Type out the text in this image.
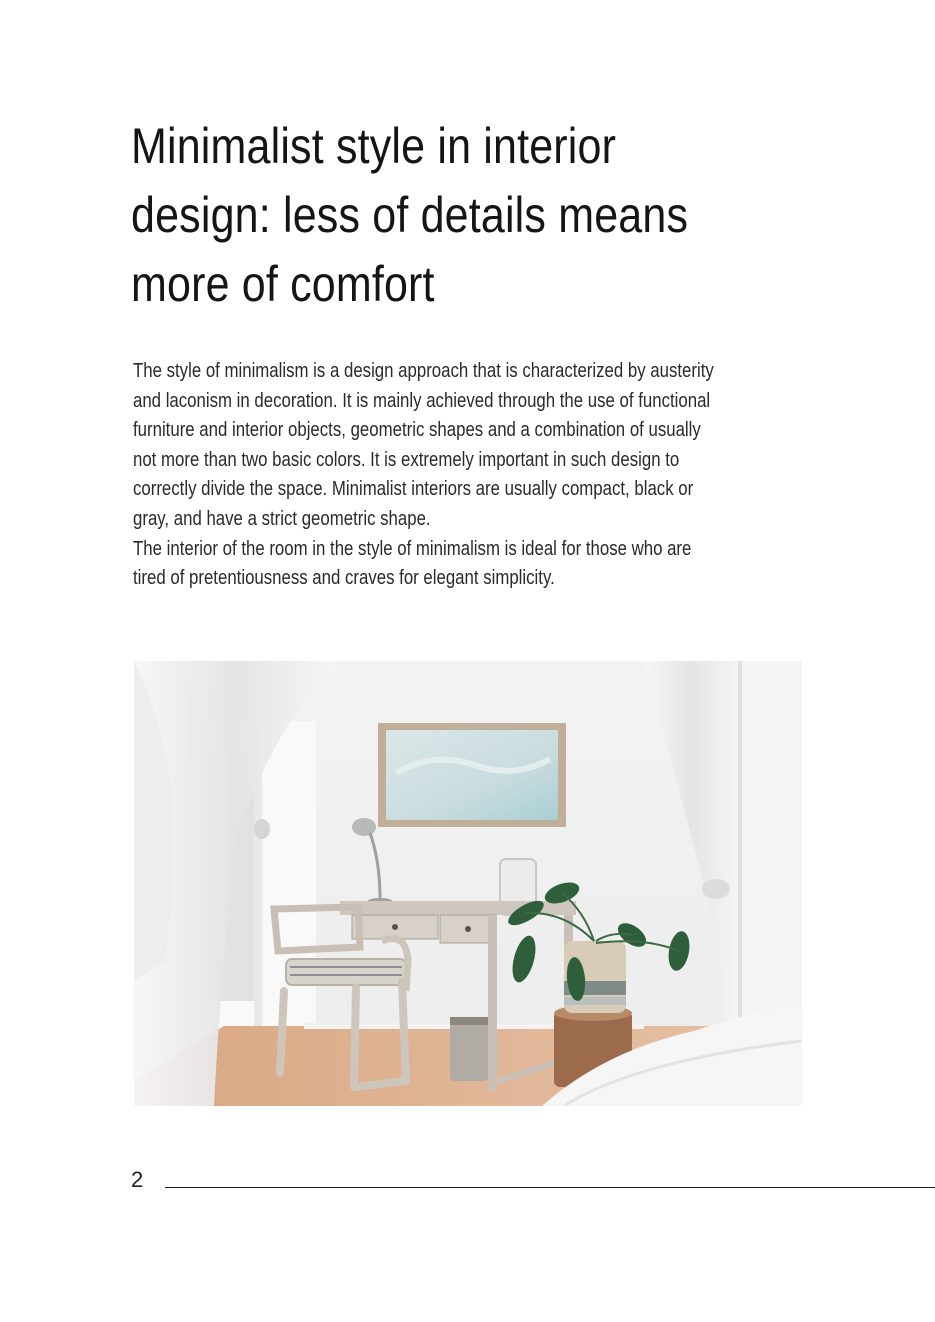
Minimalist style in interior
design: less of details means
more of comfort
The style of minimalism is a design approach that is characterized by austerity
and laconism in decoration. It is mainly achieved through the use of functional
furniture and interior objects, geometric shapes and a combination of usually
not more than two basic colors. It is extremely important in such design to
correctly divide the space. Minimalist interiors are usually compact, black or
gray, and have a strict geometric shape.
The interior of the room in the style of minimalism is ideal for those who are
tired of pretentiousness and craves for elegant simplicity.
2
